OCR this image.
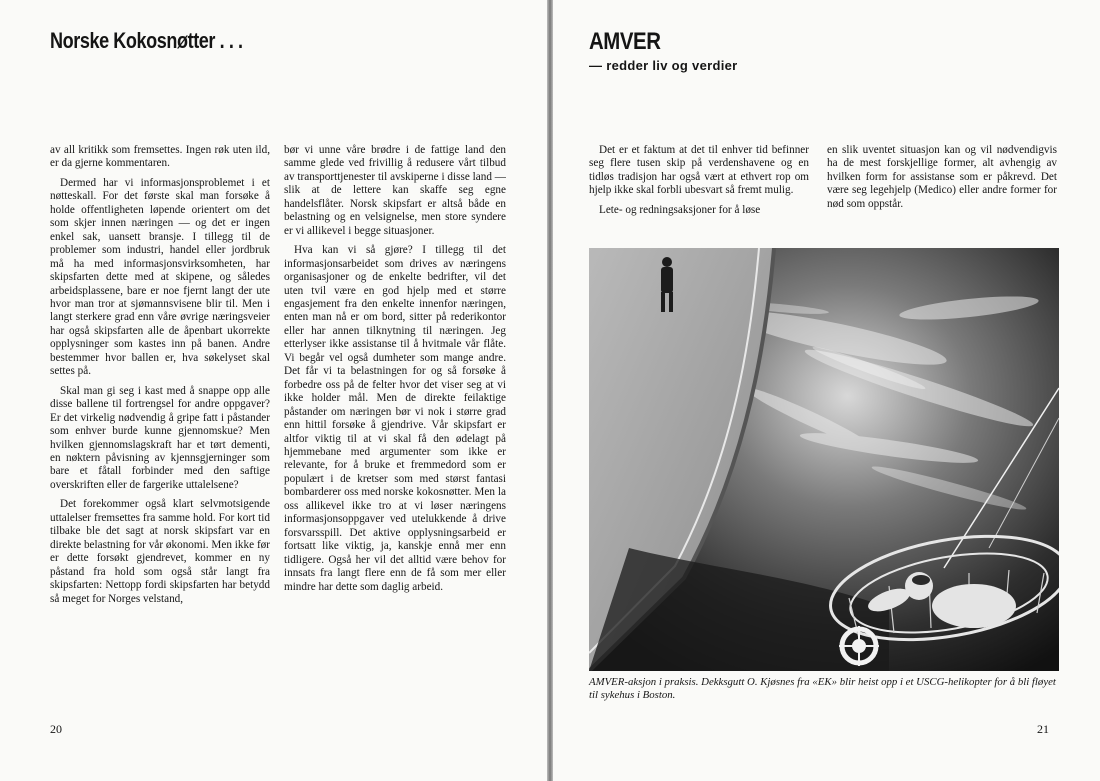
Norske Kokosnøtter . . .

av all kritikk som fremsettes. Ingen røk uten ild, er da gjerne kommentaren.

Dermed har vi informasjonsproblemet i et nøtteskall. For det første skal man forsøke å holde offentligheten løpende orientert om det som skjer innen næringen — og det er ingen enkel sak, uansett bransje. I tillegg til de problemer som industri, handel eller jordbruk må ha med informasjonsvirksomheten, har skipsfarten dette med at skipene, og således arbeidsplassene, bare er noe fjernt langt der ute hvor man tror at sjømannsvisene blir til. Men i langt sterkere grad enn våre øvrige næringsveier har også skipsfarten alle de åpenbart ukorrekte opplysninger som kastes inn på banen. Andre bestemmer hvor ballen er, hva søkelyset skal settes på.

Skal man gi seg i kast med å snappe opp alle disse ballene til fortrengsel for andre oppgaver? Er det virkelig nødvendig å gripe fatt i påstander som enhver burde kunne gjennomskue? Men hvilken gjennomslagskraft har et tørt dementi, en nøktern påvisning av kjennsgjerninger som bare et fåtall forbinder med den saftige overskriften eller de fargerike uttalelsene?

Det forekommer også klart selvmotsigende uttalelser fremsettes fra samme hold. For kort tid tilbake ble det sagt at norsk skipsfart var en direkte belastning for vår økonomi. Men ikke før er dette forsøkt gjendrevet, kommer en ny påstand fra hold som også står langt fra skipsfarten: Nettopp fordi skipsfarten har betydd så meget for Norges velstand,

bør vi unne våre brødre i de fattige land den samme glede ved frivillig å redusere vårt tilbud av transporttjenester til avskiperne i disse land — slik at de lettere kan skaffe seg egne handelsflåter. Norsk skipsfart er altså både en belastning og en velsignelse, men store syndere er vi allikevel i begge situasjoner.

Hva kan vi så gjøre? I tillegg til det informasjonsarbeidet som drives av næringens organisasjoner og de enkelte bedrifter, vil det uten tvil være en god hjelp med et større engasjement fra den enkelte innenfor næringen, enten man nå er om bord, sitter på rederikontor eller har annen tilknytning til næringen. Jeg etterlyser ikke assistanse til å hvitmale vår flåte. Vi begår vel også dumheter som mange andre. Det får vi ta belastningen for og så forsøke å forbedre oss på de felter hvor det viser seg at vi ikke holder mål. Men de direkte feilaktige påstander om næringen bør vi nok i større grad enn hittil forsøke å gjendrive. Vår skipsfart er altfor viktig til at vi skal få den ødelagt på hjemmebane med argumenter som ikke er relevante, for å bruke et fremmedord som er populært i de kretser som med størst fantasi bombarderer oss med norske kokosnøtter. Men la oss allikevel ikke tro at vi løser næringens informasjonsoppgaver ved utelukkende å drive forsvarsspill. Det aktive opplysningsarbeid er fortsatt like viktig, ja, kanskje ennå mer enn tidligere. Også her vil det alltid være behov for innsats fra langt flere enn de få som mer eller mindre har dette som daglig arbeid.

20
AMVER
— redder liv og verdier

Det er et faktum at det til enhver tid befinner seg flere tusen skip på verdenshavene og en tidløs tradisjon har også vært at ethvert rop om hjelp ikke skal forbli ubesvart så fremt mulig.

Lete- og redningsaksjoner for å løse

en slik uventet situasjon kan og vil nødvendigvis ha de mest forskjellige former, alt avhengig av hvilken form for assistanse som er påkrevd. Det være seg legehjelp (Medico) eller andre former for nød som oppstår.

AMVER-aksjon i praksis. Dekksgutt O. Kjøsnes fra «EK» blir heist opp i et USCG-helikopter for å bli fløyet til sykehus i Boston.
21
